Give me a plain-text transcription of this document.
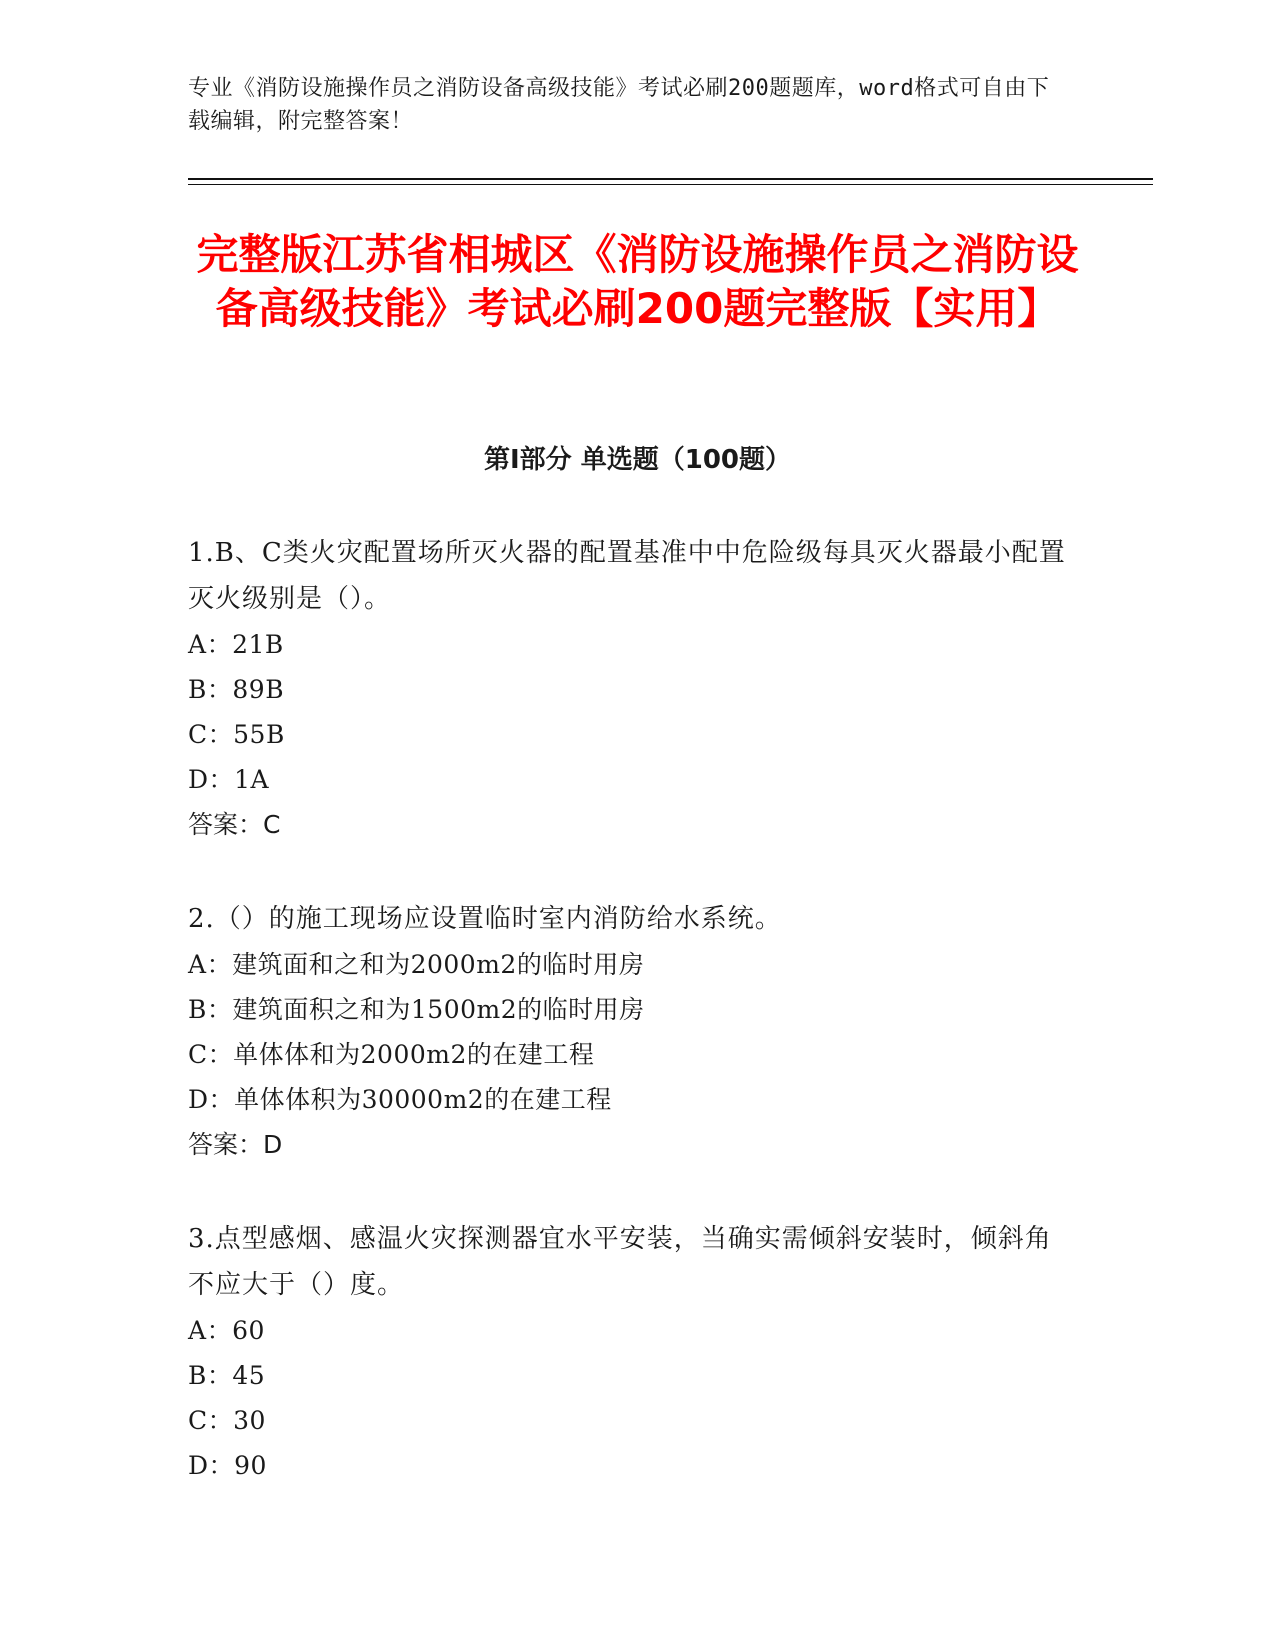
专业《消防设施操作员之消防设备高级技能》考试必刷200题题库，word格式可自由下载编辑，附完整答案！
完整版江苏省相城区《消防设施操作员之消防设备高级技能》考试必刷200题完整版【实用】
第I部分 单选题（100题）

1.B、C类火灾配置场所灭火器的配置基准中中危险级每具灭火器最小配置灭火级别是（）。

A：21B
B：89B
C：55B
D：1A
答案：C

2.（）的施工现场应设置临时室内消防给水系统。

A：建筑面和之和为2000m2的临时用房
B：建筑面积之和为1500m2的临时用房
C：单体体和为2000m2的在建工程
D：单体体积为30000m2的在建工程
答案：D

3.点型感烟、感温火灾探测器宜水平安装，当确实需倾斜安装时，倾斜角不应大于（）度。

A：60
B：45
C：30
D：90
